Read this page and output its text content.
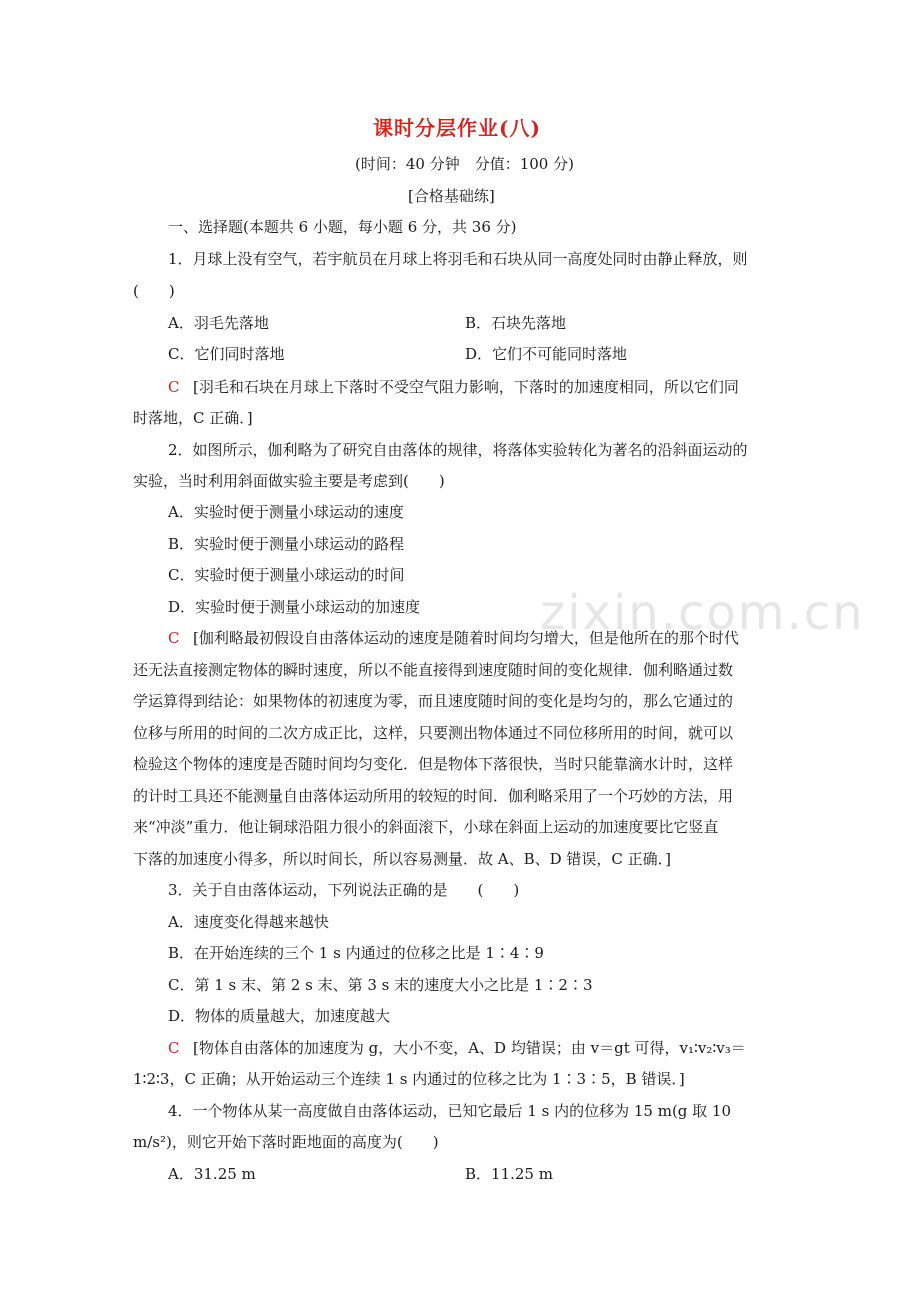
zixin.com.cn
课时分层作业(八)
(时间：40 分钟　分值：100 分)
[合格基础练]
一、选择题(本题共 6 小题，每小题 6 分，共 36 分)
1．月球上没有空气，若宇航员在月球上将羽毛和石块从同一高度处同时由静止释放，则
(　　)
A．羽毛先落地	B．石块先落地
C．它们同时落地	D．它们不可能同时落地
C [羽毛和石块在月球上下落时不受空气阻力影响，下落时的加速度相同，所以它们同
时落地，C 正确．]
2．如图所示，伽利略为了研究自由落体的规律，将落体实验转化为著名的沿斜面运动的
实验，当时利用斜面做实验主要是考虑到(　　)
A．实验时便于测量小球运动的速度
B．实验时便于测量小球运动的路程
C．实验时便于测量小球运动的时间
D．实验时便于测量小球运动的加速度
C [伽利略最初假设自由落体运动的速度是随着时间均匀增大，但是他所在的那个时代
还无法直接测定物体的瞬时速度，所以不能直接得到速度随时间的变化规律．伽利略通过数
学运算得到结论：如果物体的初速度为零，而且速度随时间的变化是均匀的，那么它通过的
位移与所用的时间的二次方成正比，这样，只要测出物体通过不同位移所用的时间，就可以
检验这个物体的速度是否随时间均匀变化．但是物体下落很快，当时只能靠滴水计时，这样
的计时工具还不能测量自由落体运动所用的较短的时间．伽利略采用了一个巧妙的方法，用
来“冲淡”重力．他让铜球沿阻力很小的斜面滚下，小球在斜面上运动的加速度要比它竖直
下落的加速度小得多，所以时间长，所以容易测量．故 A、B、D 错误，C 正确．]
3．关于自由落体运动，下列说法正确的是　　(　　)
A．速度变化得越来越快
B．在开始连续的三个 1 s 内通过的位移之比是 1∶4∶9
C．第 1 s 末、第 2 s 末、第 3 s 末的速度大小之比是 1∶2∶3
D．物体的质量越大，加速度越大
C [物体自由落体的加速度为 g，大小不变，A、D 均错误；由 v＝gt 可得，v₁∶v₂∶v₃＝
1∶2∶3，C 正确；从开始运动三个连续 1 s 内通过的位移之比为 1∶3∶5，B 错误．]
4．一个物体从某一高度做自由落体运动，已知它最后 1 s 内的位移为 15 m(g 取 10
m/s²)，则它开始下落时距地面的高度为(　　)
A．31.25 m	B．11.25 m
